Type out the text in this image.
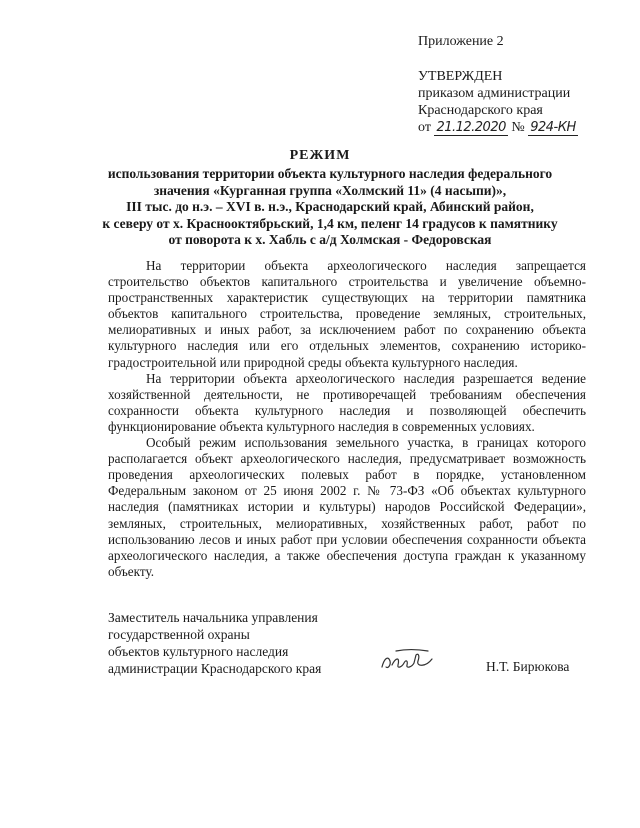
Приложение 2
УТВЕРЖДЕН
приказом администрации
Краснодарского края
от 21.12.2020 № 924-КН
РЕЖИМ
использования территории объекта культурного наследия федерального
значения «Курганная группа «Холмский 11» (4 насыпи)»,
III тыс. до н.э. – XVI в. н.э., Краснодарский край, Абинский район,
к северу от х. Краснооктябрьский, 1,4 км, пеленг 14 градусов к памятнику
от поворота к х. Хабль с а/д Холмская - Федоровская

На территории объекта археологического наследия запрещается строительство объектов капитального строительства и увеличение объемно-пространственных характеристик существующих на территории памятника объектов капитального строительства, проведение земляных, строительных, мелиоративных и иных работ, за исключением работ по сохранению объекта культурного наследия или его отдельных элементов, сохранению историко-градостроительной или природной среды объекта культурного наследия.

На территории объекта археологического наследия разрешается ведение хозяйственной деятельности, не противоречащей требованиям обеспечения сохранности объекта культурного наследия и позволяющей обеспечить функционирование объекта культурного наследия в современных условиях.

Особый режим использования земельного участка, в границах которого располагается объект археологического наследия, предусматривает возможность проведения археологических полевых работ в порядке, установленном Федеральным законом от 25 июня 2002 г. № 73-ФЗ «Об объектах культурного наследия (памятниках истории и культуры) народов Российской Федерации», земляных, строительных, мелиоративных, хозяйственных работ, работ по использованию лесов и иных работ при условии обеспечения сохранности объекта археологического наследия, а также обеспечения доступа граждан к указанному объекту.

Заместитель начальника управления
государственной охраны
объектов культурного наследия
администрации Краснодарского края	Н.Т. Бирюкова
